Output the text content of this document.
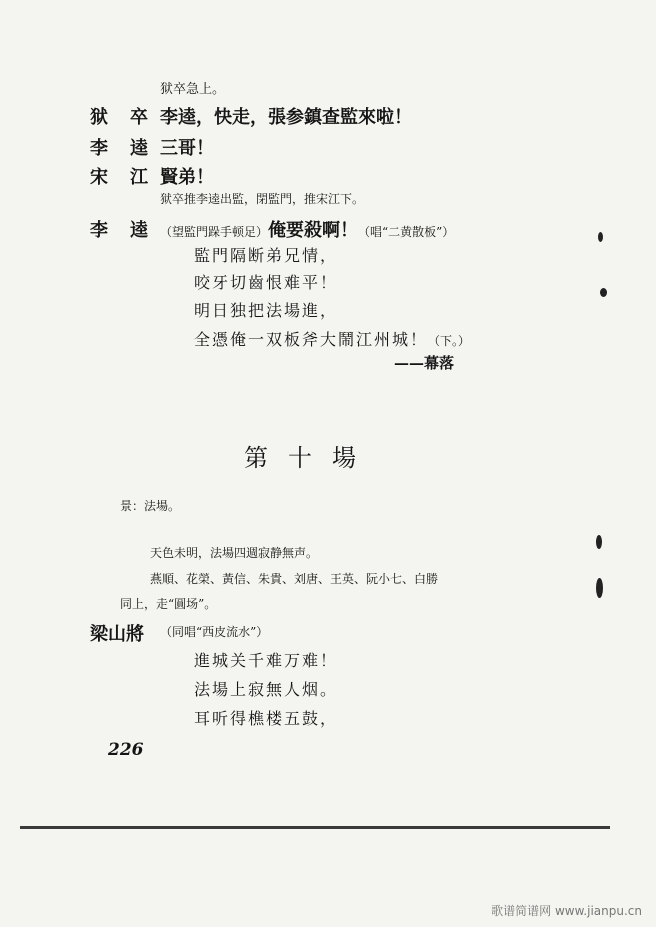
狱卒急上。
狱　卒 李逵，快走，張参鎮查監來啦！
李　逵 三哥！
宋　江 賢弟！
狱卒推李逵出監，閉監門，推宋江下。
李　逵 （望監門跺手顿足）俺要殺啊！（唱“二黄散板”）
監門隔断弟兄情，
咬牙切齒恨难平！
明日独把法場進，
全憑俺一双板斧大鬧江州城！（下。）
——幕落
第十場
景：法場。
天色未明，法場四週寂静無声。
燕順、花榮、黃信、朱貴、刘唐、王英、阮小七、白勝
同上，走“圓场”。
梁山將 （同唱“西皮流水”）
進城关千难万难！
法場上寂無人烟。
耳听得樵楼五鼓，
226
歌谱简谱网 www.jianpu.cn
